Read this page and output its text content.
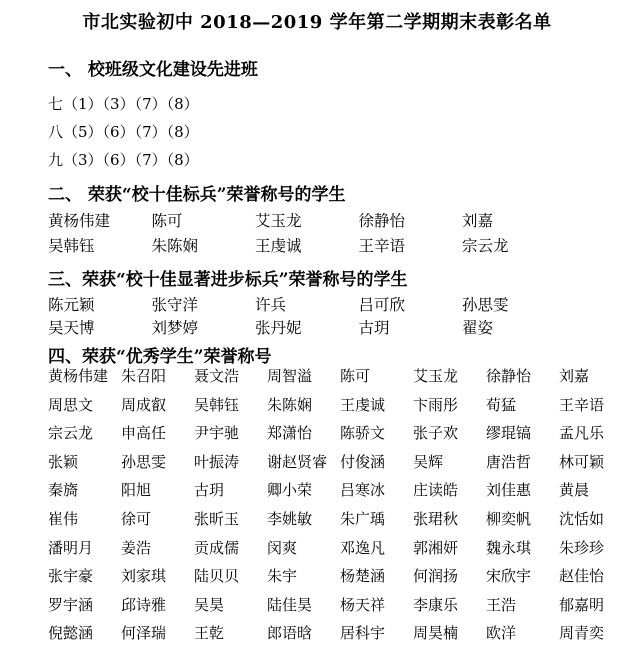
市北实验初中 2018—2019 学年第二学期期末表彰名单
一、 校班级文化建设先进班
七（1）（3）（7）（8）
八（5）（6）（7）（8）
九（3）（6）（7）（8）
二、 荣获“校十佳标兵”荣誉称号的学生
黄杨伟建	陈可	艾玉龙	徐静怡	刘嘉
吴韩钰	朱陈娴	王虔诚	王辛语	宗云龙
三、荣获“校十佳显著进步标兵”荣誉称号的学生
陈元颖	张守洋	许兵	吕可欣	孙思雯
吴天博	刘梦婷	张丹妮	古玥	翟姿
四、荣获“优秀学生”荣誉称号
黄杨伟建 朱召阳	聂文浩	周智溢	陈可	艾玉龙	徐静怡	刘嘉
周思文	周成叡	吴韩钰	朱陈娴	王虔诚	卞雨彤	荀猛	王辛语
宗云龙	申高任	尹宇驰	郑潇怡	陈骄文	张子欢	缪琨镐	孟凡乐
张颖	孙思雯	叶振涛	谢赵贤睿 付俊涵	吴辉	唐浩哲	林可颖
秦旖	阳旭	古玥	卿小荣	吕寒冰	庄读皓	刘佳惠	黄晨
崔伟	徐可	张昕玉	李姚敏	朱广瑀	张珺秋	柳奕帆	沈恬如
潘明月	姜浩	贡成儒	闵爽	邓逸凡	郭湘妍	魏永琪	朱珍珍
张宇豪	刘家琪	陆贝贝	朱宇	杨楚涵	何润扬	宋欣宇	赵佳怡
罗宇涵	邱诗雅	吴昊	陆佳昊	杨天祥	李康乐	王浩	郁嘉明
倪懿涵	何泽瑞	王乾	郎语晗	居科宇	周昊楠	欧洋	周青奕
